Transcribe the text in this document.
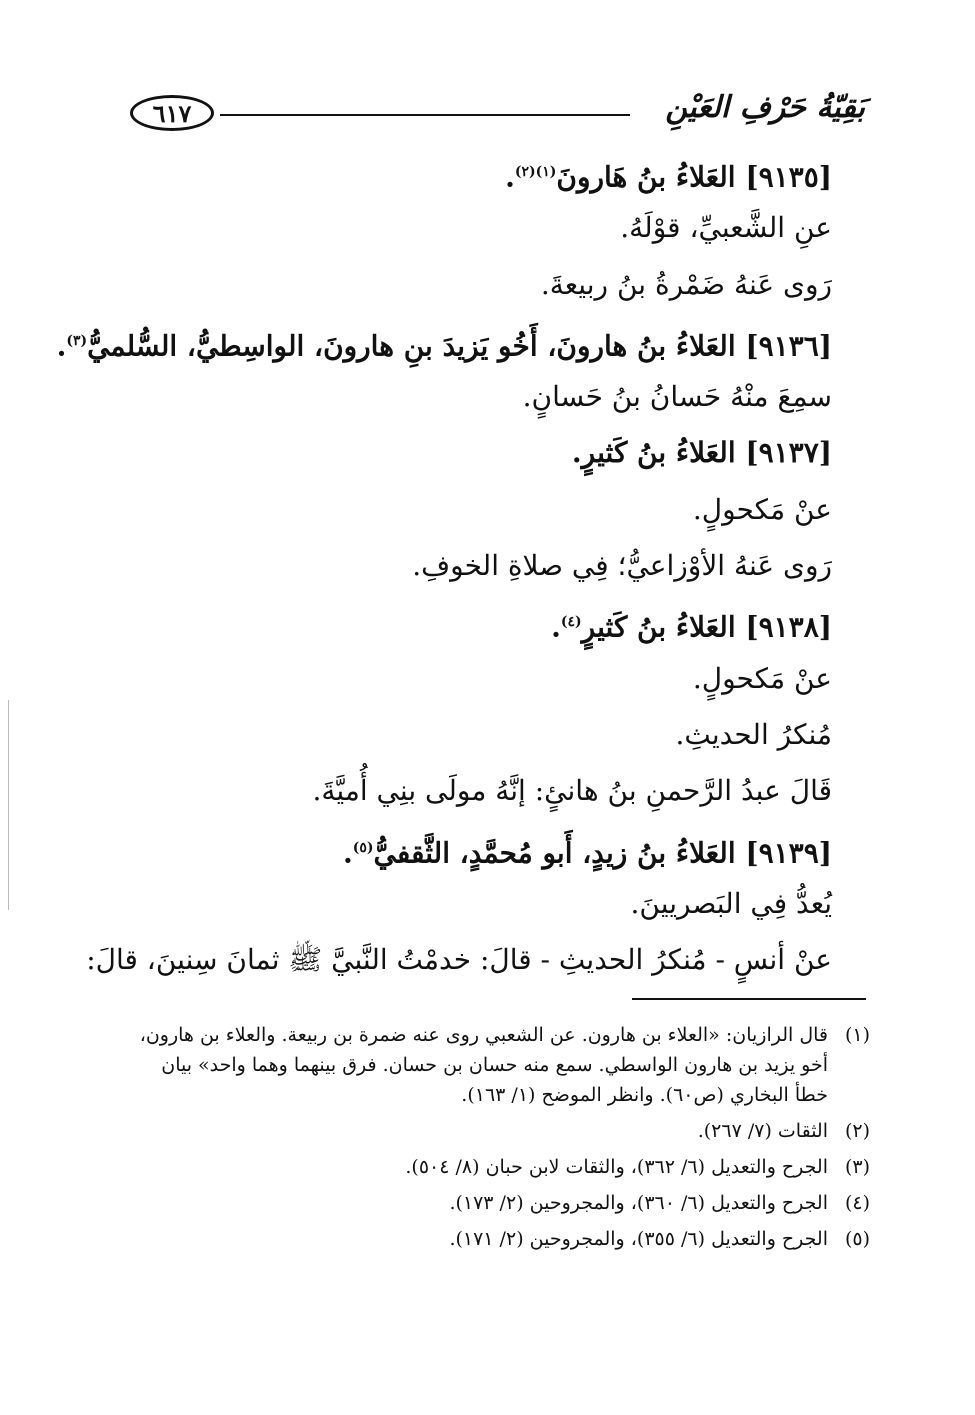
٦١٧	بَقِيّةُ حَرْفِ العَيْنِ
[٩١٣٥] العَلاءُ بنُ هَارونَ$^{(١)(٢)}$.
عنِ الشَّعبيِّ، قوْلَهُ.
رَوى عَنهُ ضَمْرةُ بنُ ربيعةَ.
[٩١٣٦] العَلاءُ بنُ هارونَ، أَخُو يَزيدَ بنِ هارونَ، الواسِطيُّ، السُّلميُّ$^{(٣)}$.
سمِعَ منْهُ حَسانُ بنُ حَسانٍ.
[٩١٣٧] العَلاءُ بنُ كَثيرٍ.
عنْ مَكحولٍ.
رَوى عَنهُ الأوْزاعيُّ؛ فِي صلاةِ الخوفِ.
[٩١٣٨] العَلاءُ بنُ كَثيرٍ$^{(٤)}$.
عنْ مَكحولٍ.
مُنكرُ الحديثِ.
قَالَ عبدُ الرَّحمنِ بنُ هانئٍ: إنَّهُ مولَى بنِي أُميَّةَ.
[٩١٣٩] العَلاءُ بنُ زيدٍ، أَبو مُحمَّدٍ، الثَّقفيُّ$^{(٥)}$.
يُعدُّ فِي البَصريينَ.
عنْ أنسٍ - مُنكرُ الحديثِ - قالَ: خدمْتُ النَّبيَّ ﷺ ثمانَ سِنينَ، قالَ:
(١)
قال الرازيان: «العلاء بن هارون. عن الشعبي روى عنه ضمرة بن ربيعة. والعلاء بن هارون، أخو يزيد بن هارون الواسطي. سمع منه حسان بن حسان. فرق بينهما وهما واحد» بيان خطأ البخاري (ص٦٠). وانظر الموضح (١/ ١٦٣).
(٢)
الثقات (٧/ ٢٦٧).
(٣)
الجرح والتعديل (٦/ ٣٦٢)، والثقات لابن حبان (٨/ ٥٠٤).
(٤)
الجرح والتعديل (٦/ ٣٦٠)، والمجروحين (٢/ ١٧٣).
(٥)
الجرح والتعديل (٦/ ٣٥٥)، والمجروحين (٢/ ١٧١).
